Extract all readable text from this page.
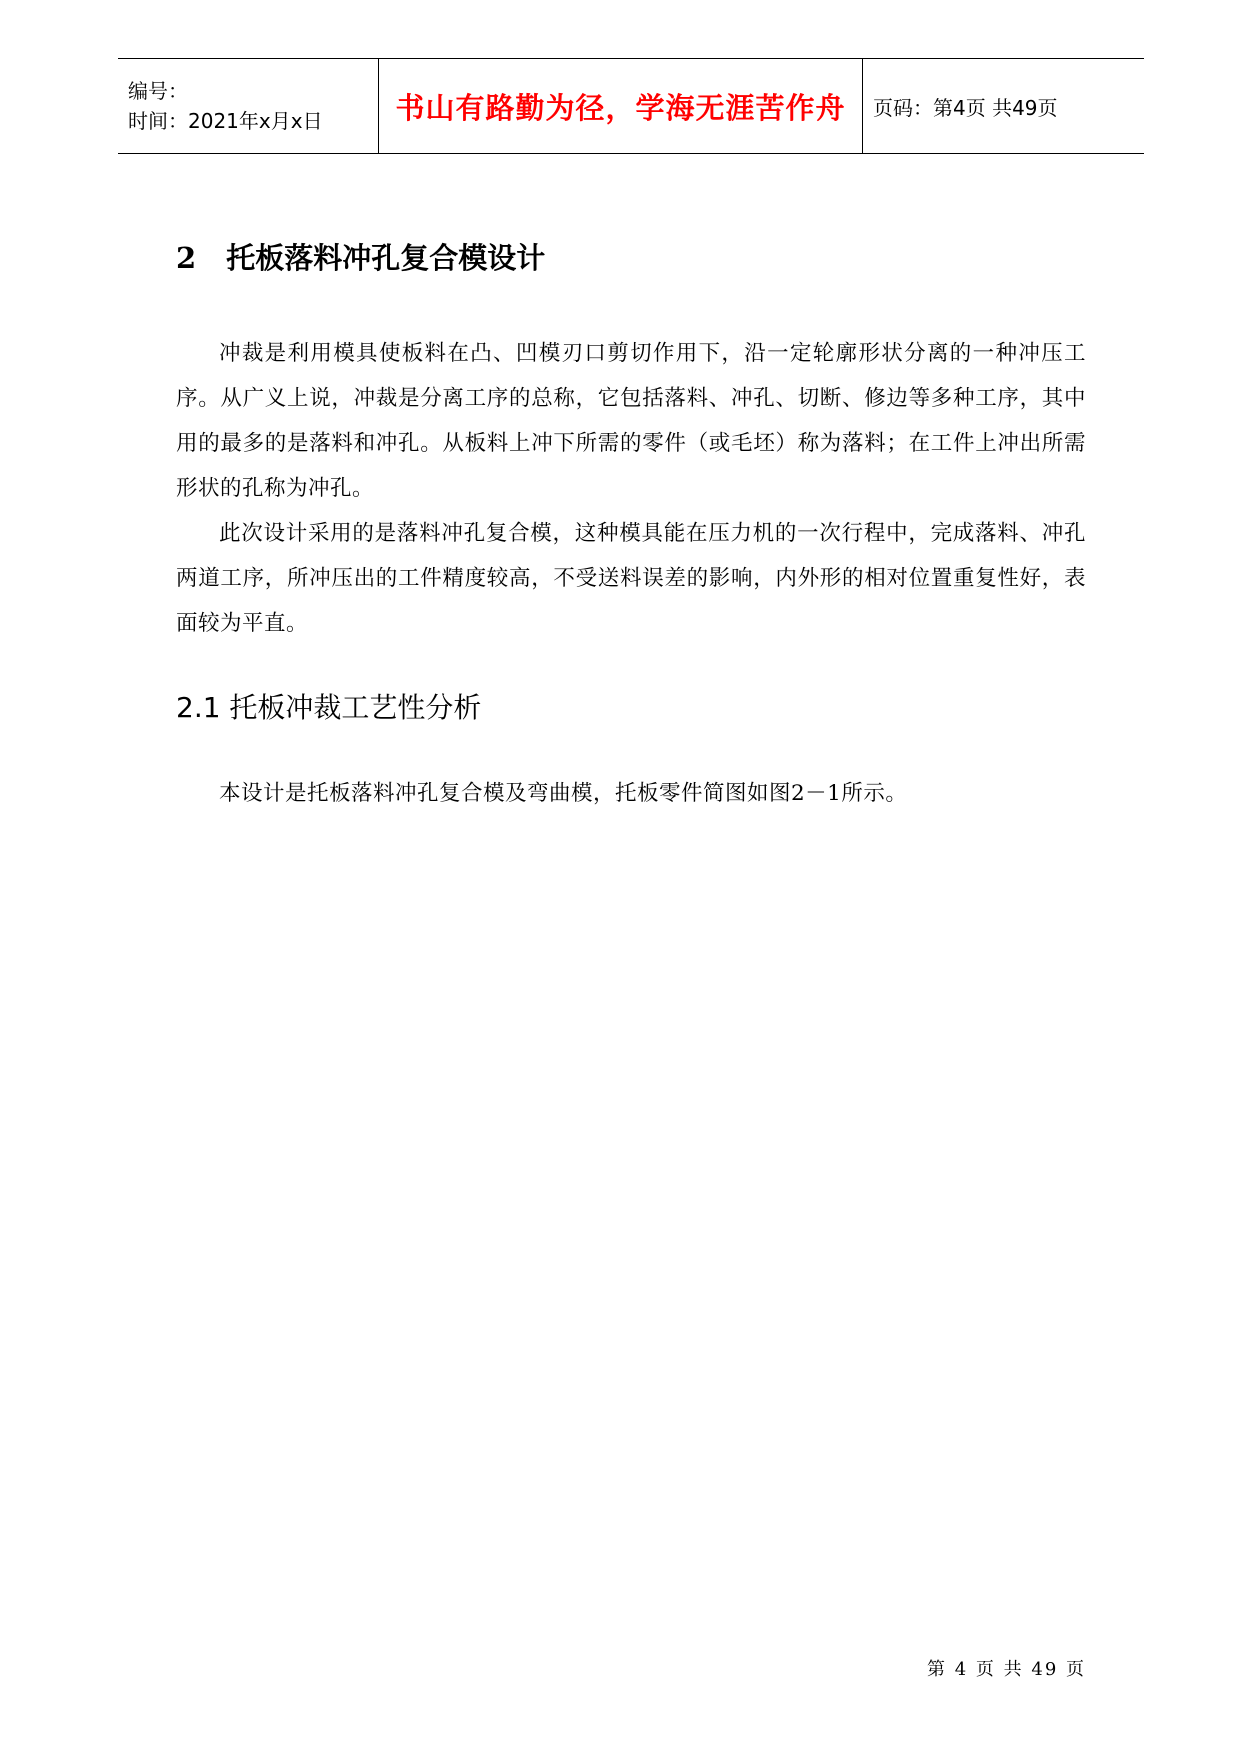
编号：
时间：2021年x月x日	书山有路勤为径，学海无涯苦作舟	页码：第4页 共49页
2 托板落料冲孔复合模设计
冲裁是利用模具使板料在凸、凹模刃口剪切作用下，沿一定轮廓形状分离的一种冲压工序。从广义上说，冲裁是分离工序的总称，它包括落料、冲孔、切断、修边等多种工序，其中用的最多的是落料和冲孔。从板料上冲下所需的零件（或毛坯）称为落料；在工件上冲出所需形状的孔称为冲孔。
此次设计采用的是落料冲孔复合模，这种模具能在压力机的一次行程中，完成落料、冲孔两道工序，所冲压出的工件精度较高，不受送料误差的影响，内外形的相对位置重复性好，表面较为平直。
2.1 托板冲裁工艺性分析
本设计是托板落料冲孔复合模及弯曲模，托板零件简图如图2－1所示。
第 4 页 共 49 页
